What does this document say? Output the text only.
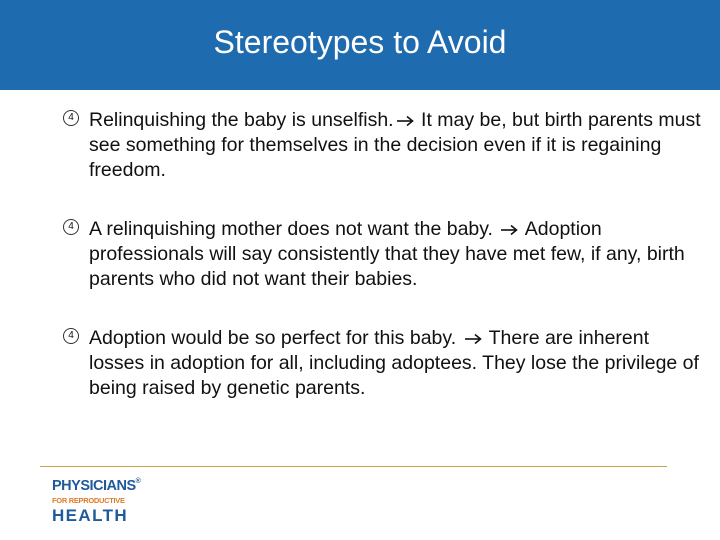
Stereotypes to Avoid
4 Relinquishing the baby is unselfish. It may be, but birth parents must see something for themselves in the decision even if it is regaining freedom.
4 A relinquishing mother does not want the baby.  Adoption professionals will say consistently that they have met few, if any, birth parents who did not want their babies.
4 Adoption would be so perfect for this baby.  There are inherent losses in adoption for all, including adoptees. They lose the privilege of being raised by genetic parents.
PHYSICIANS®
FOR REPRODUCTIVE
HEALTH
